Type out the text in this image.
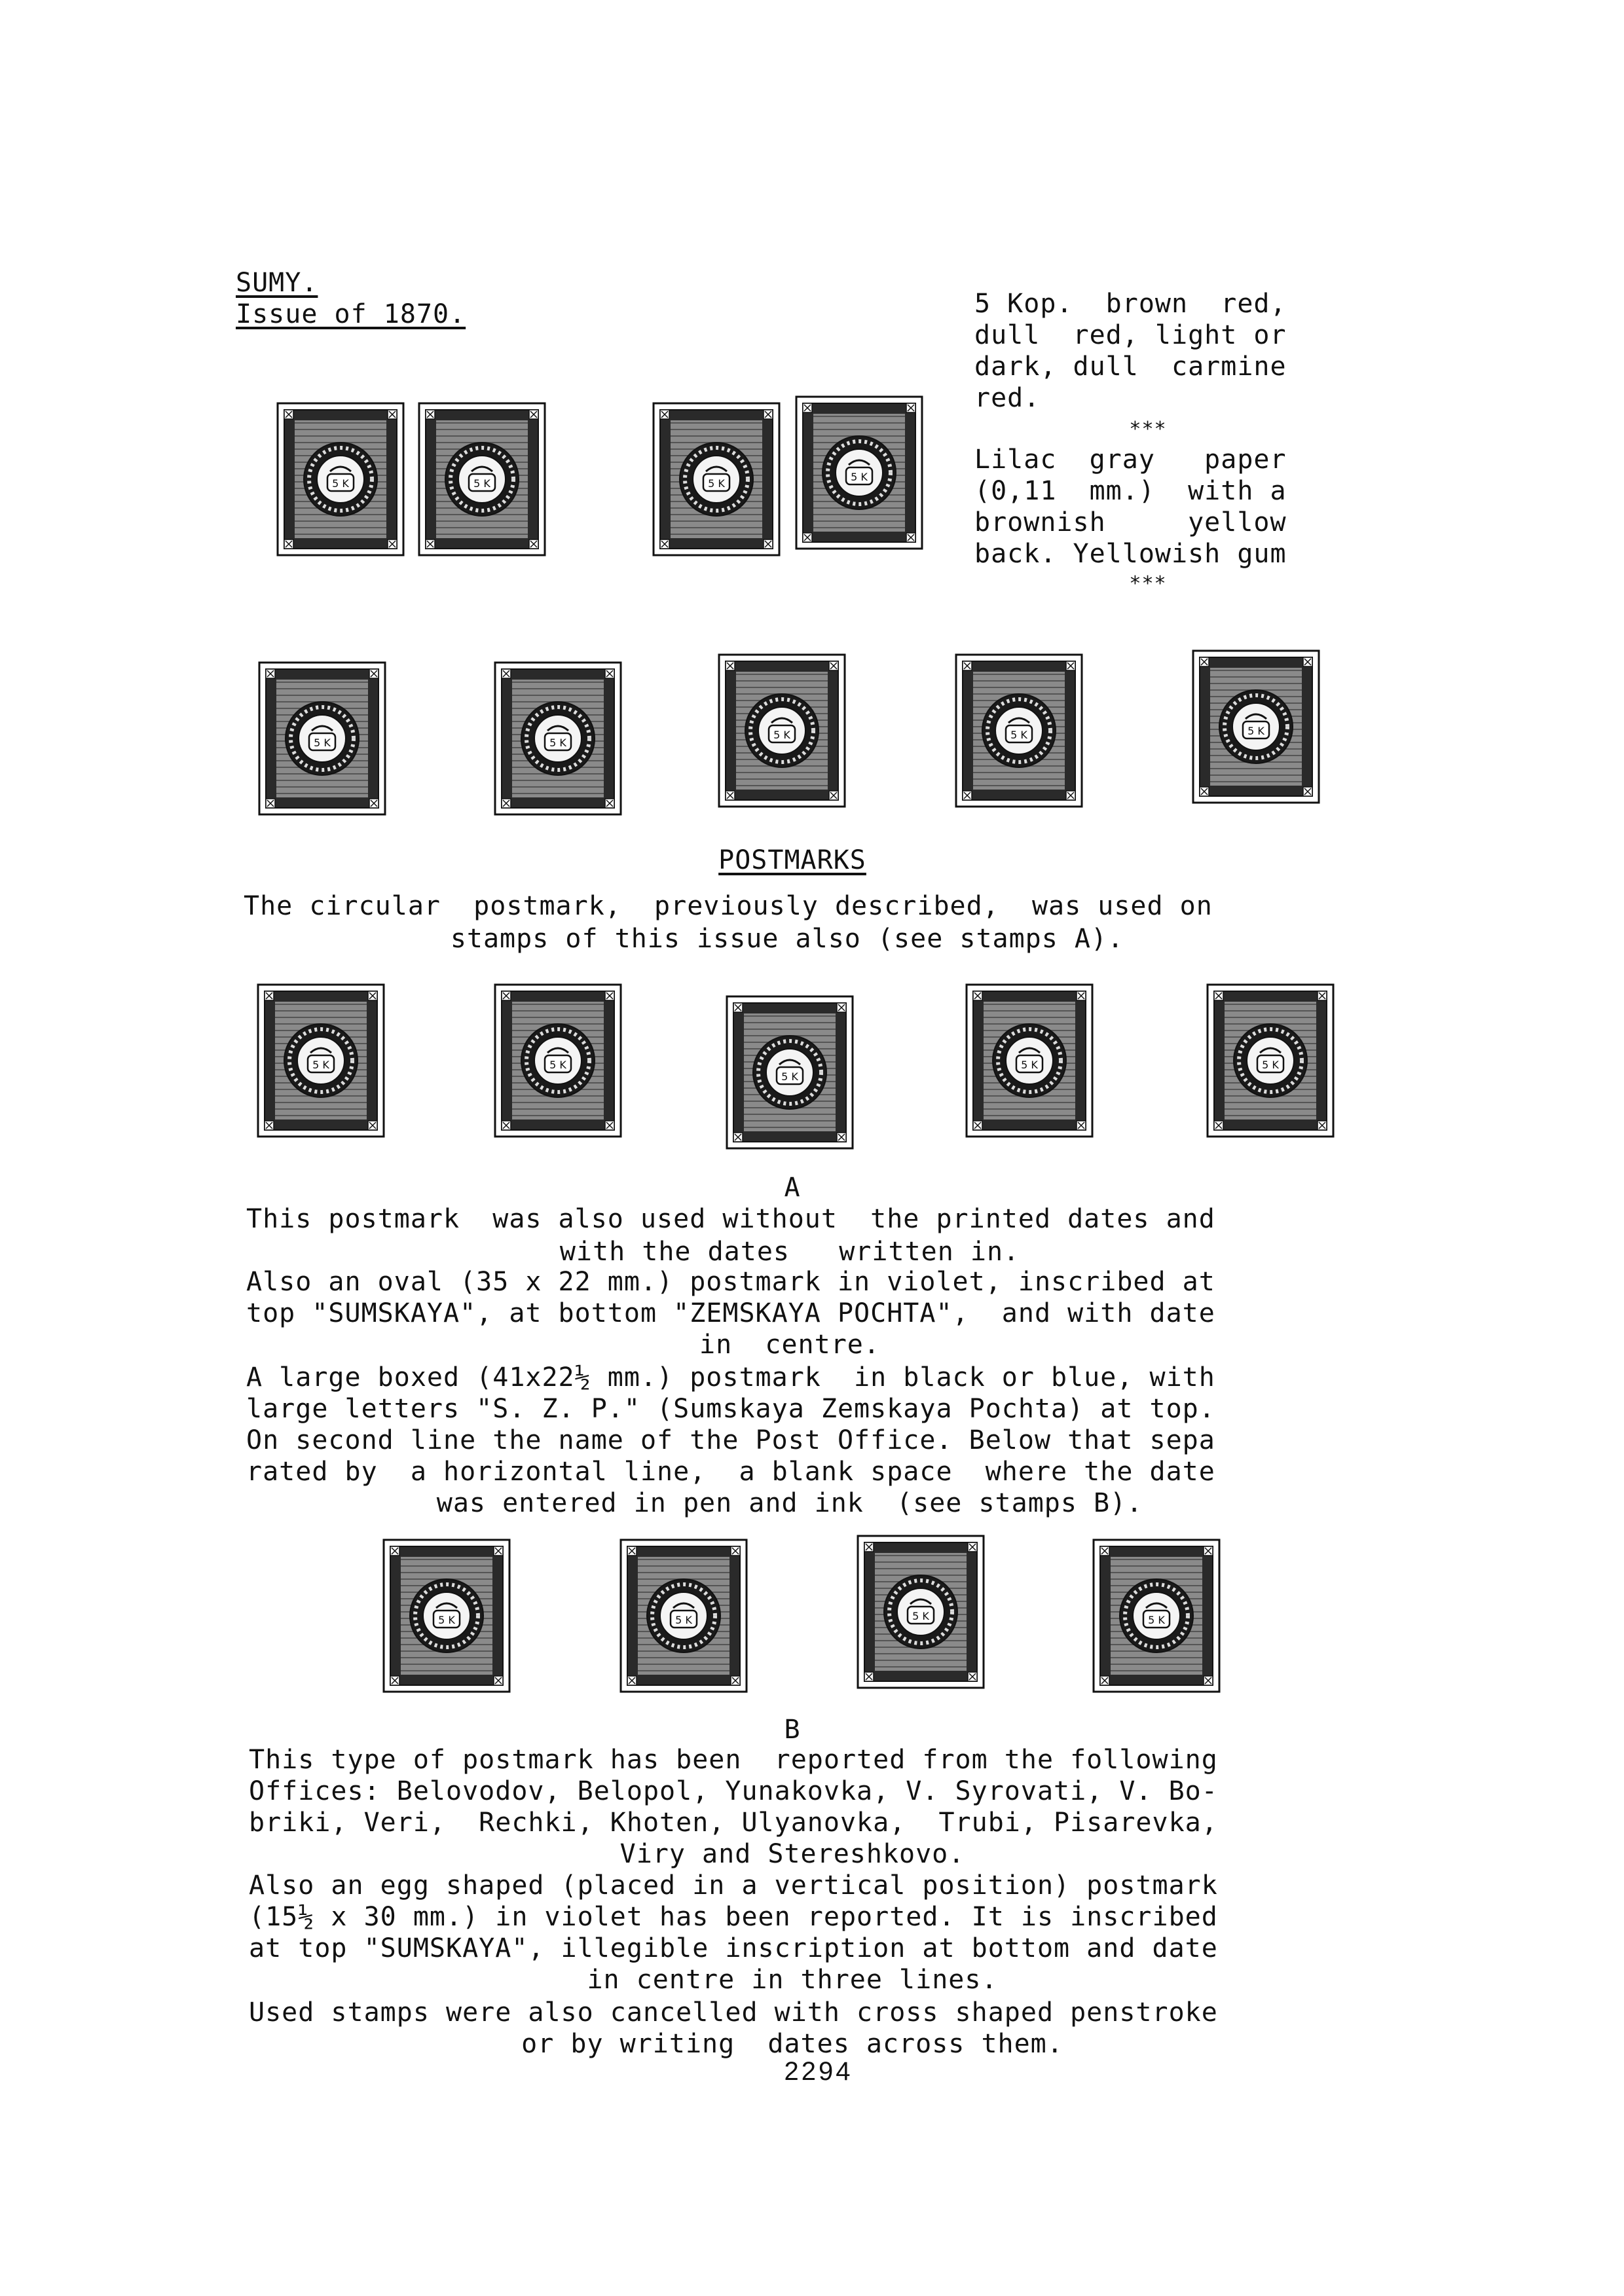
SUMY.
Issue of 1870.	5 Kop.  brown  red,
dull  red, light or
dark, dull  carmine
red.
***
Lilac  gray   paper
(0,11  mm.)  with a
brownish     yellow
back. Yellowish gum
***
5 K	5 K	5 K
5 K
5 K	5 K
5 K	5 K	5 K
POSTMARKS
The circular  postmark,  previously described,  was used on
stamps of this issue also (see stamps A).
5 K	5 K
5 K
5 K	5 K
A
This postmark  was also used without  the printed dates and
with the dates   written in.
Also an oval (35 x 22 mm.) postmark in violet, inscribed at
top "SUMSKAYA", at bottom "ZEMSKAYA POCHTA",  and with date
in  centre.
A large boxed (41x22½ mm.) postmark  in black or blue, with
large letters "S. Z. P." (Sumskaya Zemskaya Pochta) at top.
On second line the name of the Post Office. Below that sepa
rated by  a horizontal line,  a blank space  where the date
was entered in pen and ink  (see stamps B).
5 K	5 K	5 K	5 K
B
This type of postmark has been  reported from the following
Offices: Belovodov, Belopol, Yunakovka, V. Syrovati, V. Bo-
briki, Veri,  Rechki, Khoten, Ulyanovka,  Trubi, Pisarevka,
Viry and Stereshkovo.
Also an egg shaped (placed in a vertical position) postmark
(15½ x 30 mm.) in violet has been reported. It is inscribed
at top "SUMSKAYA", illegible inscription at bottom and date
in centre in three lines.
Used stamps were also cancelled with cross shaped penstroke
or by writing  dates across them.
2294
